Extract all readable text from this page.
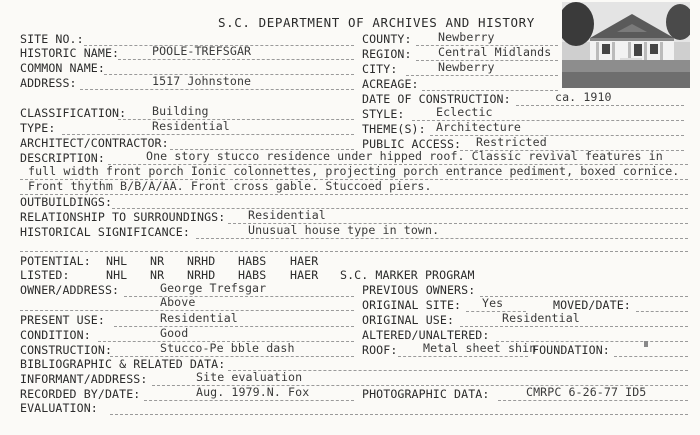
S.C. DEPARTMENT OF ARCHIVES AND HISTORY
SITE NO.:
HISTORIC NAME:	POOLE-TREFSGAR
COMMON NAME:
ADDRESS:	1517 Johnstone
COUNTY: Newberry
REGION: Central Midlands
CITY:	Newberry
ACREAGE:
DATE OF CONSTRUCTION:	ca. 1910
CLASSIFICATION: Building
TYPE:	Residential
STYLE:	Eclectic
THEME(S): Architecture
ARCHITECT/CONTRACTOR:	PUBLIC ACCESS: Restricted
DESCRIPTION:	One story stucco residence under hipped roof. Classic revival features in
full width front porch Ionic colonnettes, projecting porch entrance pediment, boxed cornice.
Front thythm B/B/A/AA. Front cross gable. Stuccoed piers.
OUTBUILDINGS:
RELATIONSHIP TO SURROUNDINGS: Residential
HISTORICAL SIGNIFICANCE:	Unusual house type in town.
POTENTIAL: NHL NR NRHD HABS HAER
LISTED:	NHL NR NRHD HABS HAER S.C. MARKER PROGRAM
OWNER/ADDRESS:	George Trefsgar
Above
PREVIOUS OWNERS:
ORIGINAL SITE: Yes	MOVED/DATE:
PRESENT USE:	Residential	ORIGINAL USE:	Residential
CONDITION:	Good	ALTERED/UNALTERED:
CONSTRUCTION:	Stucco-Pe bble dash	ROOF: Metal sheet shin
FOUNDATION:
BIBLIOGRAPHIC & RELATED DATA:
INFORMANT/ADDRESS:	Site evaluation
RECORDED BY/DATE:	Aug. 1979.N. Fox	PHOTOGRAPHIC DATA:	CMRPC 6-26-77 ID5
EVALUATION:
